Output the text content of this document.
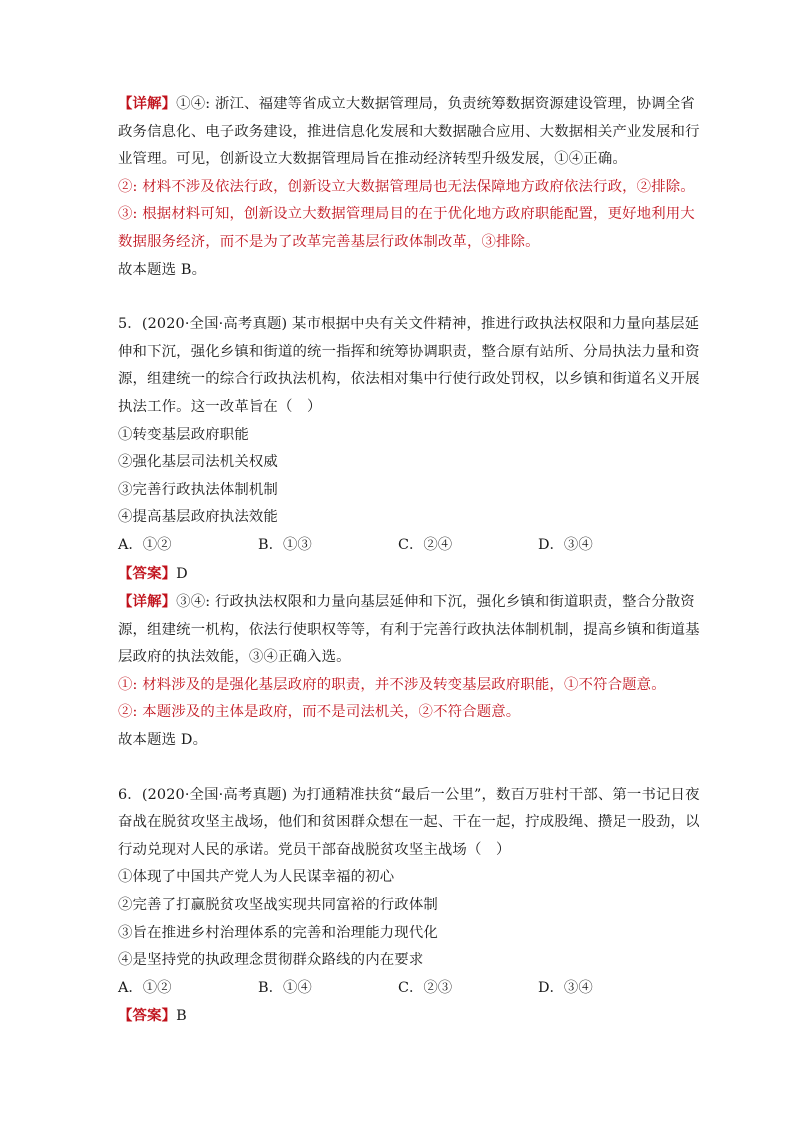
【详解】①④: 浙江、福建等省成立大数据管理局，负责统筹数据资源建设管理，协调全省
政务信息化、电子政务建设，推进信息化发展和大数据融合应用、大数据相关产业发展和行
业管理。可见，创新设立大数据管理局旨在推动经济转型升级发展，①④正确。
②: 材料不涉及依法行政，创新设立大数据管理局也无法保障地方政府依法行政，②排除。
③: 根据材料可知，创新设立大数据管理局目的在于优化地方政府职能配置，更好地利用大
数据服务经济，而不是为了改革完善基层行政体制改革，③排除。
故本题选 B。
5．(2020·全国·高考真题) 某市根据中央有关文件精神，推进行政执法权限和力量向基层延
伸和下沉，强化乡镇和街道的统一指挥和统筹协调职责，整合原有站所、分局执法力量和资
源，组建统一的综合行政执法机构，依法相对集中行使行政处罚权，以乡镇和街道名义开展
执法工作。这一改革旨在（　）
①转变基层政府职能
②强化基层司法机关权威
③完善行政执法体制机制
④提高基层政府执法效能
A．①②	B．①③	C．②④	D．③④
【答案】D
【详解】③④: 行政执法权限和力量向基层延伸和下沉，强化乡镇和街道职责，整合分散资
源，组建统一机构，依法行使职权等等，有利于完善行政执法体制机制，提高乡镇和街道基
层政府的执法效能，③④正确入选。
①: 材料涉及的是强化基层政府的职责，并不涉及转变基层政府职能，①不符合题意。
②: 本题涉及的主体是政府，而不是司法机关，②不符合题意。
故本题选 D。
6．(2020·全国·高考真题) 为打通精准扶贫“最后一公里”，数百万驻村干部、第一书记日夜
奋战在脱贫攻坚主战场，他们和贫困群众想在一起、干在一起，拧成股绳、攒足一股劲，以
行动兑现对人民的承诺。党员干部奋战脱贫攻坚主战场（　）
①体现了中国共产党人为人民谋幸福的初心
②完善了打赢脱贫攻坚战实现共同富裕的行政体制
③旨在推进乡村治理体系的完善和治理能力现代化
④是坚持党的执政理念贯彻群众路线的内在要求
A．①②	B．①④	C．②③	D．③④
【答案】B
